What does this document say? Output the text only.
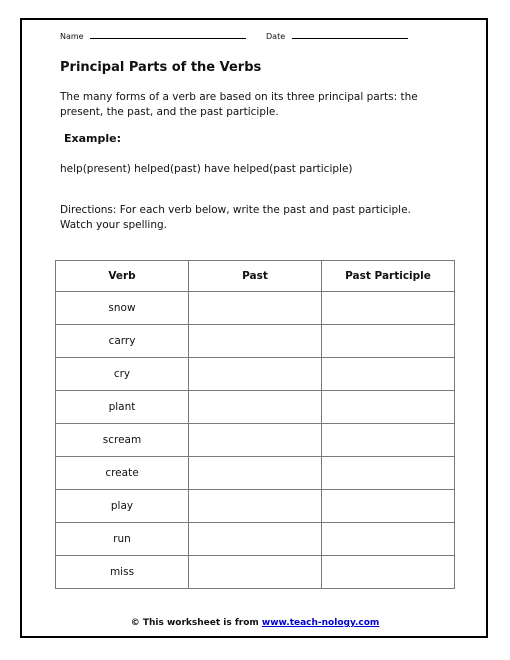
Name	Date
Principal Parts of the Verbs

The many forms of a verb are based on its three principal parts: the present, the past, and the past participle.

Example:

help(present) helped(past) have helped(past participle)

Directions: For each verb below, write the past and past participle. Watch your spelling.

Verb	Past	Past Participle
snow		
carry		
cry		
plant		
scream		
create		
play		
run		
miss		
© This worksheet is from www.teach-nology.com
